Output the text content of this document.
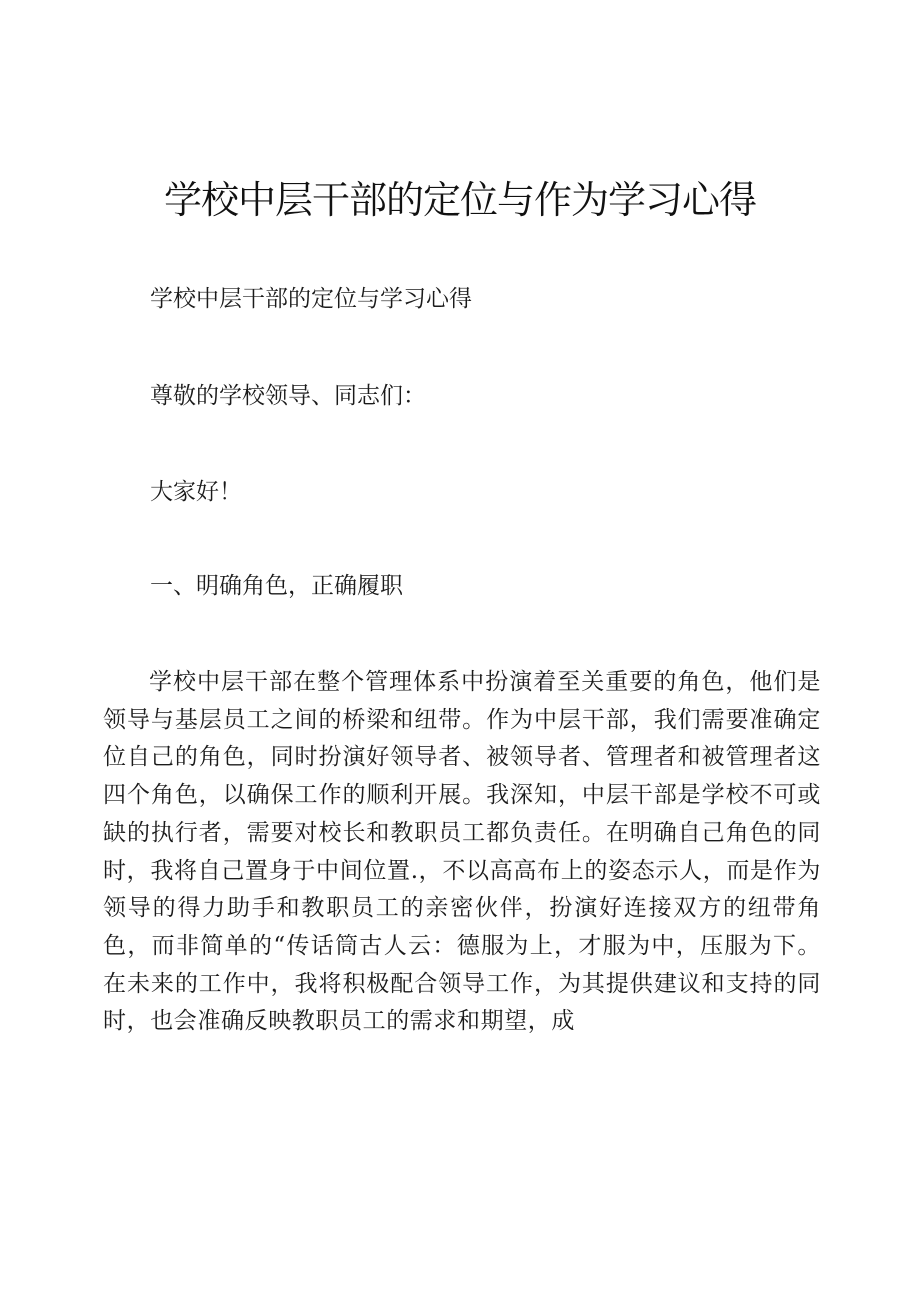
学校中层干部的定位与作为学习心得

学校中层干部的定位与学习心得

尊敬的学校领导、同志们：

大家好！

一、明确角色，正确履职

学校中层干部在整个管理体系中扮演着至关重要的角色，他们是领导与基层员工之间的桥梁和纽带。作为中层干部，我们需要准确定位自己的角色，同时扮演好领导者、被领导者、管理者和被管理者这四个角色，以确保工作的顺利开展。我深知，中层干部是学校不可或缺的执行者，需要对校长和教职员工都负责任。在明确自己角色的同时，我将自己置身于中间位置.，不以高高布上的姿态示人，而是作为领导的得力助手和教职员工的亲密伙伴，扮演好连接双方的纽带角色，而非简单的“传话筒古人云：德服为上，才服为中，压服为下。在未来的工作中，我将积极配合领导工作，为其提供建议和支持的同时，也会准确反映教职员工的需求和期望，成
